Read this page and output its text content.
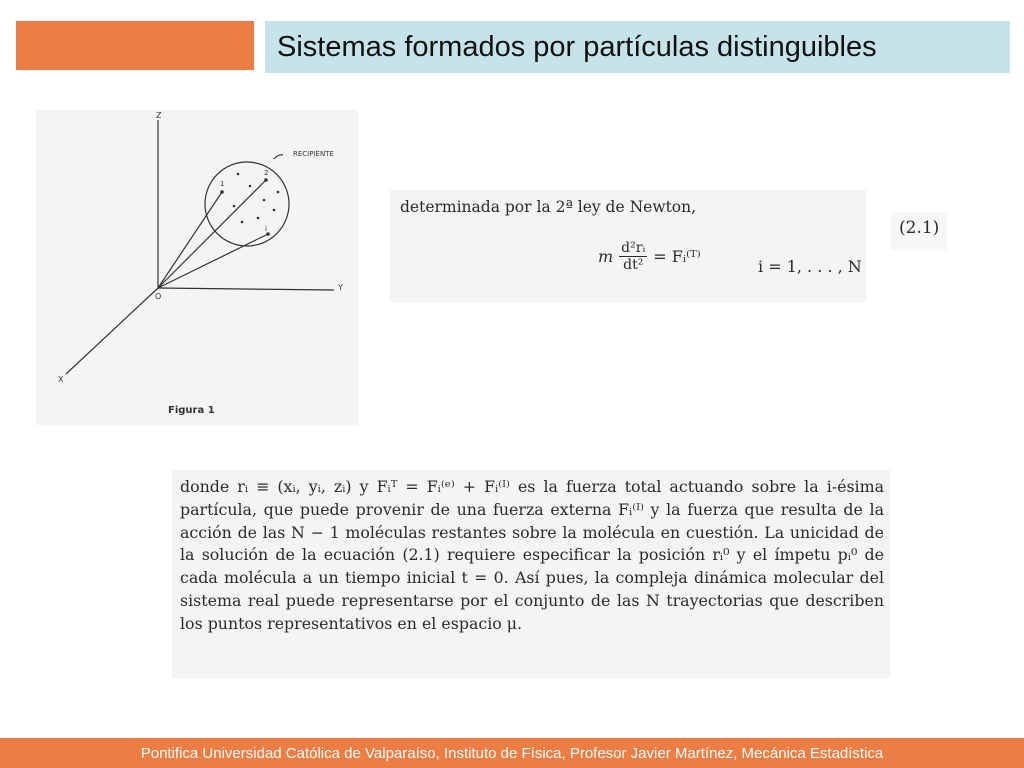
Sistemas formados por partículas distinguibles
Z
Y
X
O
RECIPIENTE
1
2
i
Figura 1
determinada por la 2ª ley de Newton,
m $\frac{\text{d²rᵢ}}{\text{dt²}}$ = Fᵢ⁽ᵀ⁾
i = 1, . . . , N
(2.1)
donde rᵢ ≡ (xᵢ, yᵢ, zᵢ) y Fᵢᵀ = Fᵢ⁽ᵉ⁾ + Fᵢ⁽ᴵ⁾ es la fuerza total actuando sobre la i-ésima partícula, que puede provenir de una fuerza externa Fᵢ⁽ᴵ⁾ y la fuerza que resulta de la acción de las N − 1 moléculas restantes sobre la molécula en cuestión. La unicidad de la solución de la ecuación (2.1) requiere especificar la posición rᵢ⁰ y el ímpetu pᵢ⁰ de cada molécula a un tiempo inicial t = 0. Así pues, la compleja dinámica molecular del sistema real puede representarse por el conjunto de las N trayectorias que describen los puntos representativos en el espacio μ.
Pontifica Universidad Católica de Valparaíso, Instituto de Física, Profesor Javier Martínez, Mecánica Estadística
